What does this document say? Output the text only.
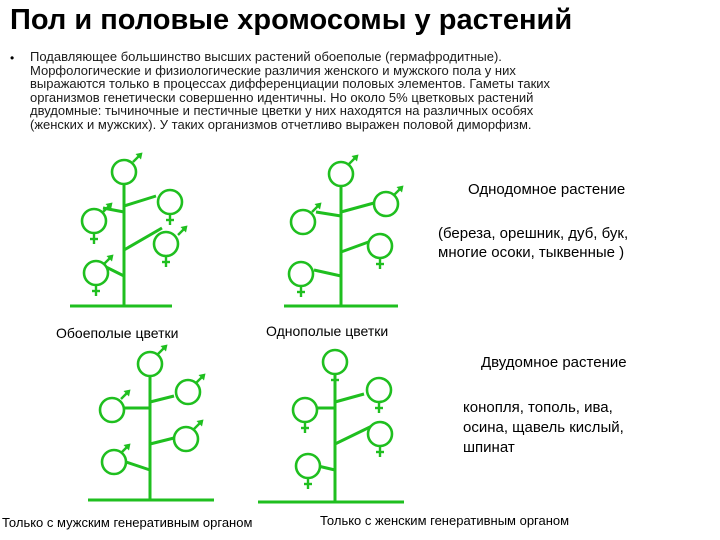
Пол и половые хромосомы у растений
• Подавляющее большинство высших растений обоеполые (гермафродитные).
Морфологические и физиологические различия женского и мужского пола у них
выражаются только в процессах дифференциации половых элементов. Гаметы таких
организмов генетически совершенно идентичны. Но около 5% цветковых растений
двудомные: тычиночные и пестичные цветки у них находятся на различных особях
(женских и мужских). У таких организмов отчетливо выражен половой диморфизм.
Обоеполые цветки	Однополые цветки
Однодомное растение
(береза, орешник, дуб, бук,
многие осоки, тыквенные )
Двудомное растение
конопля, тополь, ива,
осина, щавель кислый,
шпинат
Только с мужским генеративным органом	Только с женским генеративным органом
